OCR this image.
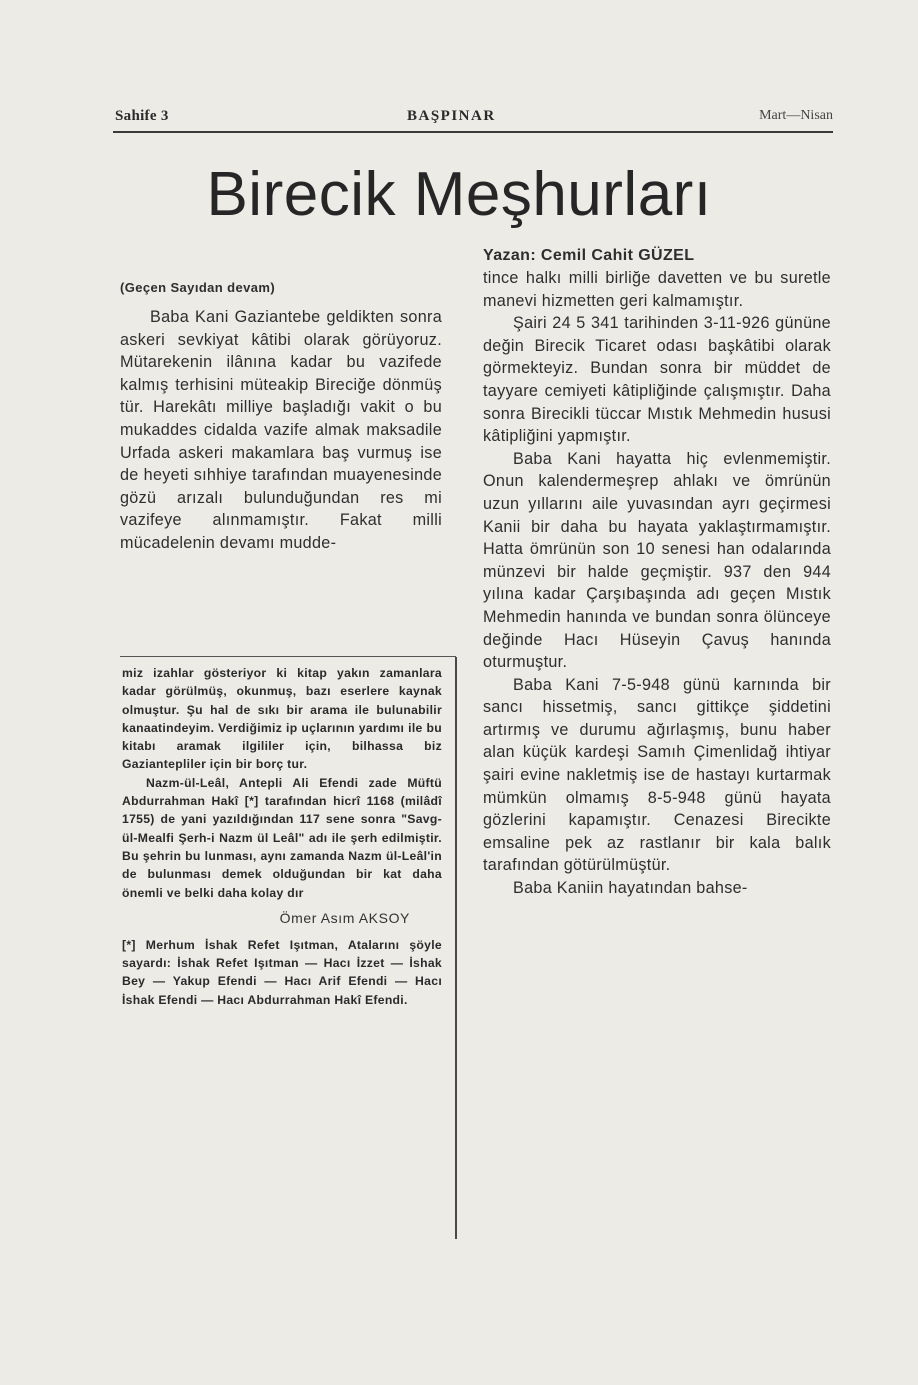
Sahife 3	BAŞPINAR	Mart—Nisan
Birecik Meşhurları

(Geçen Sayıdan devam)

Baba Kani Gaziantebe geldikten sonra askeri sevkiyat kâtibi olarak görüyoruz. Mütarekenin ilânına kadar bu vazifede kalmış terhisini müteakip Bireciğe dönmüş tür. Harekâtı milliye başladığı vakit o bu mukaddes cidalda vazife almak maksadile Urfada askeri makamlara baş vurmuş ise de heyeti sıhhiye tarafından muayenesinde gözü arızalı bulunduğundan res mi vazifeye alınmamıştır. Fakat milli mücadelenin devamı mudde-

miz izahlar gösteriyor ki kitap yakın zamanlara kadar görülmüş, okunmuş, bazı eserlere kaynak olmuştur. Şu hal de sıkı bir arama ile bulunabilir kanaatindeyim. Verdiğimiz ip uçlarının yardımı ile bu kitabı aramak ilgililer için, bilhassa biz Gaziantepliler için bir borç tur.

Nazm-ül-Leâl, Antepli Ali Efendi zade Müftü Abdurrahman Hakî [*] tarafından hicrî 1168 (milâdî 1755) de yani yazıldığından 117 sene sonra "Savg-ül-Mealfi Şerh-i Nazm ül Leâl" adı ile şerh edilmiştir. Bu şehrin bu lunması, aynı zamanda Nazm ül-Leâl'in de bulunması demek olduğundan bir kat daha önemli ve belki daha kolay dır

Ömer Asım AKSOY

[*] Merhum İshak Refet Işıtman, Atalarını şöyle sayardı: İshak Refet Işıtman — Hacı İzzet — İshak Bey — Yakup Efendi — Hacı Arif Efendi — Hacı İshak Efendi — Hacı Abdurrahman Hakî Efendi.

Yazan: Cemil Cahit GÜZEL

tince halkı milli birliğe davetten ve bu suretle manevi hizmetten geri kalmamıştır.

Şairi 24 5 341 tarihinden 3-11-926 gününe değin Birecik Ticaret odası başkâtibi olarak görmekteyiz. Bundan sonra bir müddet de tayyare cemiyeti kâtipliğinde çalışmıştır. Daha sonra Birecikli tüccar Mıstık Mehmedin hususi kâtipliğini yapmıştır.

Baba Kani hayatta hiç evlenmemiştir. Onun kalendermeşrep ahlakı ve ömrünün uzun yıllarını aile yuvasından ayrı geçirmesi Kanii bir daha bu hayata yaklaştırmamıştır. Hatta ömrünün son 10 senesi han odalarında münzevi bir halde geçmiştir. 937 den 944 yılına kadar Çarşıbaşında adı geçen Mıstık Mehmedin hanında ve bundan sonra ölünceye değinde Hacı Hüseyin Çavuş hanında oturmuştur.

Baba Kani 7-5-948 günü karnında bir sancı hissetmiş, sancı gittikçe şiddetini artırmış ve durumu ağırlaşmış, bunu haber alan küçük kardeşi Samıh Çimenlidağ ihtiyar şairi evine nakletmiş ise de hastayı kurtarmak mümkün olmamış 8-5-948 günü hayata gözlerini kapamıştır. Cenazesi Birecikte emsaline pek az rastlanır bir kala balık tarafından götürülmüştür.

Baba Kaniin hayatından bahse-
